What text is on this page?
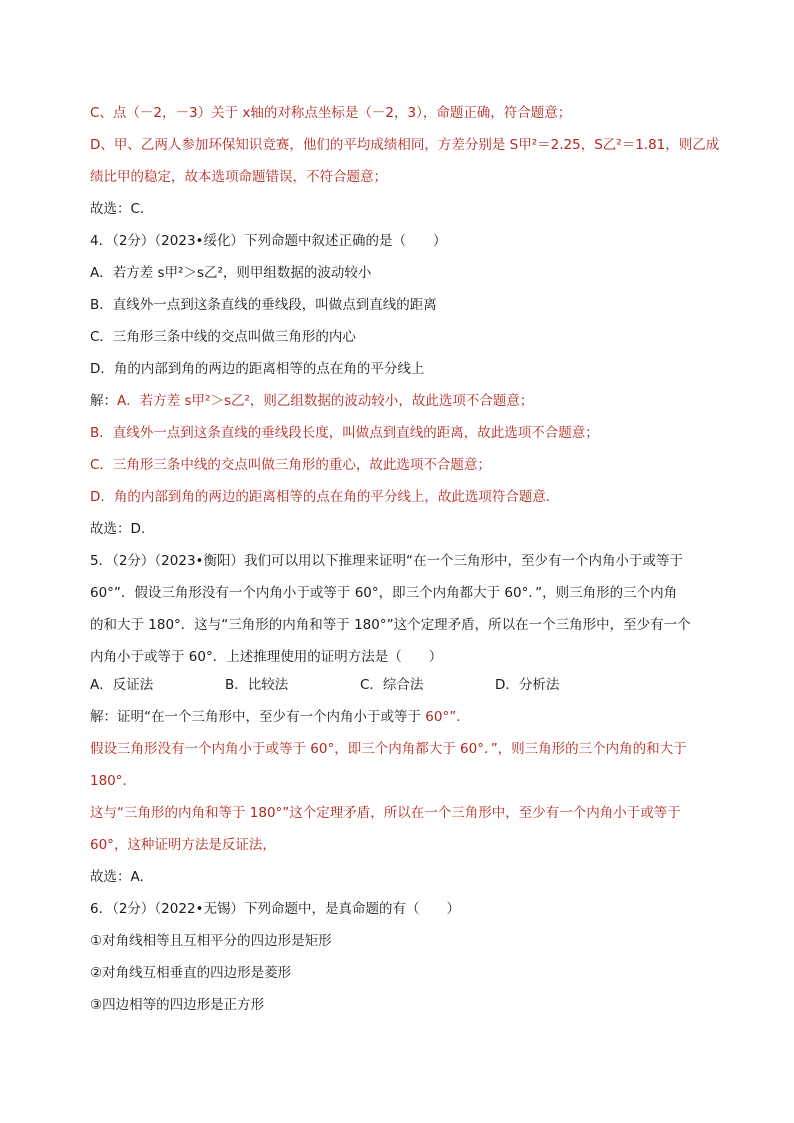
C、点（－2，－3）关于 x轴的对称点坐标是（－2，3），命题正确，符合题意；

D、甲、乙两人参加环保知识竞赛，他们的平均成绩相同，方差分别是 S甲²＝2.25，S乙²＝1.81，则乙成

绩比甲的稳定，故本选项命题错误，不符合题意；

故选：C.

4．（2分）（2023•绥化）下列命题中叙述正确的是（　　）

A．若方差 s甲²＞s乙²，则甲组数据的波动较小

B．直线外一点到这条直线的垂线段，叫做点到直线的距离

C．三角形三条中线的交点叫做三角形的内心

D．角的内部到角的两边的距离相等的点在角的平分线上

解：A．若方差 s甲²＞s乙²，则乙组数据的波动较小，故此选项不合题意；

B．直线外一点到这条直线的垂线段长度，叫做点到直线的距离，故此选项不合题意；

C．三角形三条中线的交点叫做三角形的重心，故此选项不合题意；

D．角的内部到角的两边的距离相等的点在角的平分线上，故此选项符合题意．

故选：D.

5．（2分）（2023•衡阳）我们可以用以下推理来证明“在一个三角形中，至少有一个内角小于或等于

60°”．假设三角形没有一个内角小于或等于 60°，即三个内角都大于 60°．”，则三角形的三个内角

的和大于 180°．这与“三角形的内角和等于 180°”这个定理矛盾，所以在一个三角形中，至少有一个

内角小于或等于 60°．上述推理使用的证明方法是（　　）

A．反证法	B．比较法	C．综合法	D．分析法

解：证明“在一个三角形中，至少有一个内角小于或等于 60°”．

假设三角形没有一个内角小于或等于 60°，即三个内角都大于 60°．”，则三角形的三个内角的和大于

180°．

这与“三角形的内角和等于 180°”这个定理矛盾，所以在一个三角形中，至少有一个内角小于或等于

60°，这种证明方法是反证法，

故选：A.

6．（2分）（2022•无锡）下列命题中，是真命题的有（　　）

①对角线相等且互相平分的四边形是矩形

②对角线互相垂直的四边形是菱形

③四边相等的四边形是正方形
